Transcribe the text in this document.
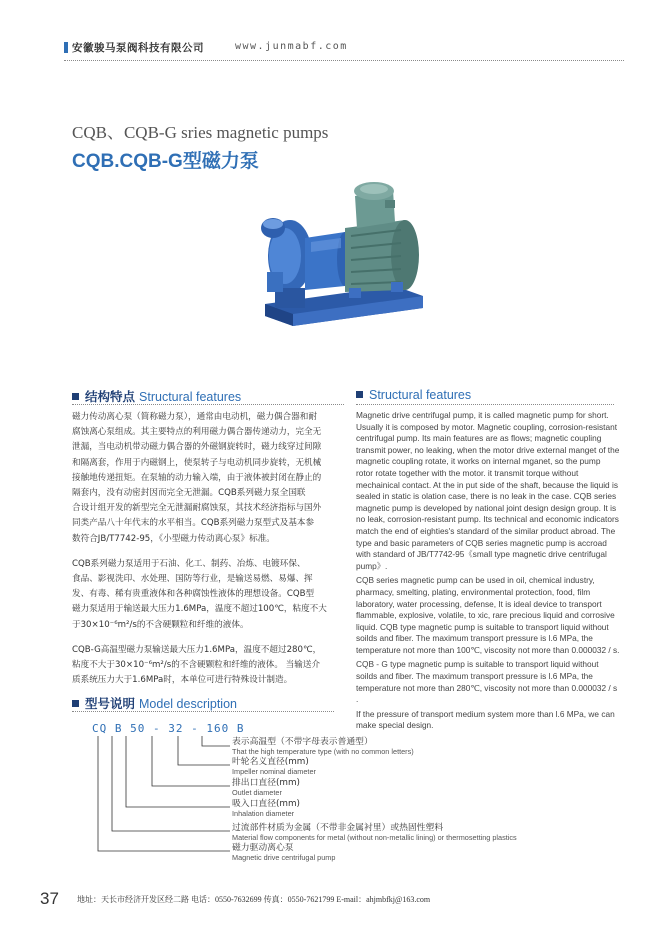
安徽骏马泵阀科技有限公司	www.junmabf.com
CQB、CQB-G sries magnetic pumps
CQB.CQB-G型磁力泵
结构特点 Structural features

磁力传动离心泵（简称磁力泵），通常由电动机，磁力偶合器和耐
腐蚀离心泵组成。其主要特点的利用磁力偶合器传递动力，完全无
泄漏，当电动机带动磁力偶合器的外磁钢旋转时，磁力线穿过间隙
和隔离套，作用于内磁钢上，使泵转子与电动机同步旋转，无机械
接触地传递扭矩。在泵轴的动力输入端，由于液体被封闭在静止的
隔套内，没有动密封因而完全无泄漏。CQB系列磁力泵全国联
合设计组开发的新型完全无泄漏耐腐蚀泵，其技术经济指标与国外
同类产品八十年代末的水平相当。CQB系列磁力泵型式及基本参
数符合JB/T7742-95，《小型磁力传动离心泵》标准。

CQB系列磁力泵适用于石油、化工、制药、冶炼、电镀环保、
食品、影视洗印、水处理、国防等行业，是输送易燃、易爆、挥
发、有毒、稀有贵重液体和各种腐蚀性液体的理想设备。CQB型
磁力泵适用于输送最大压力1.6MPa，温度不超过100℃，粘度不大
于30×10⁻⁶m²/s的不含硬颗粒和纤维的液体。

CQB-G高温型磁力泵输送最大压力1.6MPa，温度不超过280℃，
粘度不大于30×10⁻⁶m²/s的不含硬颗粒和纤维的液体。 当输送介
质系统压力大于1.6MPa时，本单位可进行特殊设计制造。

Structural features

Magnetic drive centrifugal pump, it is called magnetic pump for short.
Usually it is composed by motor. Magnetic coupling, corrosion-resistant
centrifugal pump. Its main features are as flows; magnetic coupling
transmit power, no leaking, when the motor drive external manget of the
magnetic coupling rotate, it works on internal mganet, so the pump
rotor rotate together with the motor. it transmit torque without
mechainical contact. At the in put side of the shaft, because the liquid is
sealed in static is olation case, there is no leak in the case. CQB series
magnetic pump is developed by national joint design design group. It is
no leak, corrosion-resistant pump. Its technical and economic indicators
match the end of eighties's standard of the similar product abroad. The
type and basic parameters of CQB series magnetic pump is accroad
with standard of JB/T7742-95《small type magnetic drive centrifugal
pump》.

CQB series magnetic pump can be used in oil, chemical industry,
pharmacy, smelting, plating, environmental protection, food, film
laboratory, water processing, defense, It is ideal device to transport
flammable, explosive, volatile, to xic, rare precious liquid and corrosive
liquid. CQB type magnetic pump is suitable to transport liquid without
soilds and fiber. The maximum transport pressure is l.6 MPa, the
temperature not more than 100℃, viscosity not more than 0.000032 / s.

CQB - G type magnetic pump is suitable to transport liquid without
soilds and fiber. The maximum transport pressure is l.6 MPa, the
temperature not more than 280℃, viscosity not more than 0.000032 / s .

If the pressure of transport medium system more than l.6 MPa, we can
make special design.

型号说明 Model description
CQ B 50 - 32 - 160 B
表示高温型（不带字母表示普通型）
That the high temperature type (with no common letters)
叶轮名义直径(mm)
Impeller nominal diameter
排出口直径(mm)
Outlet diameter
吸入口直径(mm)
Inhalation diameter
过流部件材质为金属（不带非金属衬里）或热固性塑料
Material flow components for metal (without non-metallic lining) or thermosetting plastics
磁力驱动离心泵
Magnetic drive centrifugal pump
37 地址：天长市经济开发区经二路 电话：0550-7632699 传真：0550-7621799 E-mail：ahjmbfkj@163.com
